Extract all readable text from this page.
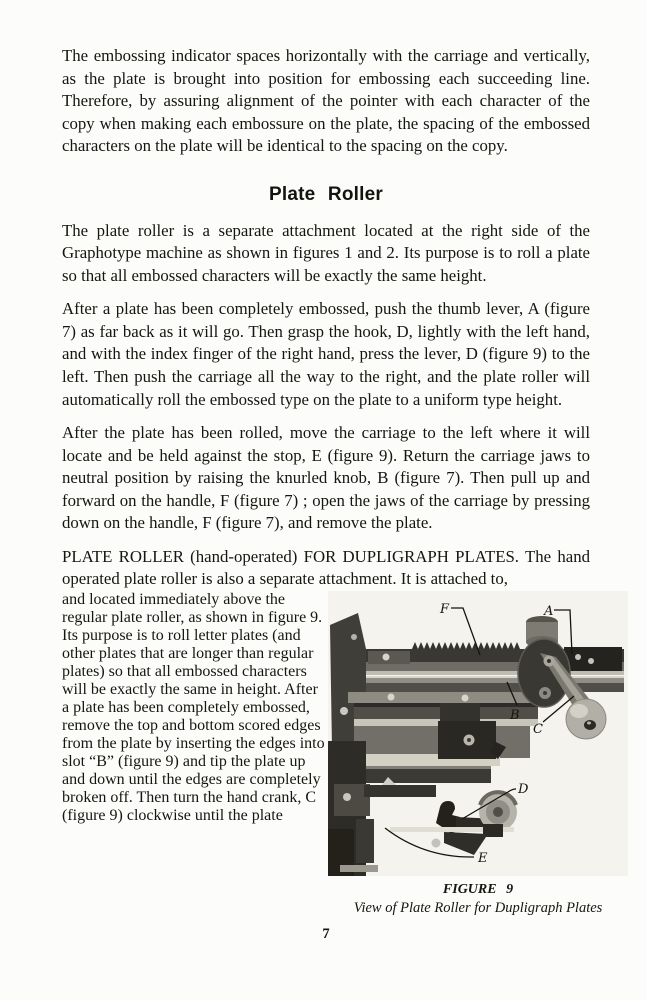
The embossing indicator spaces horizontally with the carriage and vertically, as the plate is brought into position for embossing each succeeding line. Therefore, by assuring alignment of the pointer with each character of the copy when making each embossure on the plate, the spacing of the embossed characters on the plate will be identical to the spacing on the copy.

Plate Roller

The plate roller is a separate attachment located at the right side of the Graphotype machine as shown in figures 1 and 2. Its purpose is to roll a plate so that all embossed characters will be exactly the same height.

After a plate has been completely embossed, push the thumb lever, A (figure 7) as far back as it will go. Then grasp the hook, D, lightly with the left hand, and with the index finger of the right hand, press the lever, D (figure 9) to the left. Then push the carriage all the way to the right, and the plate roller will automatically roll the embossed type on the plate to a uniform type height.

After the plate has been rolled, move the carriage to the left where it will locate and be held against the stop, E (figure 9). Return the carriage jaws to neutral position by raising the knurled knob, B (figure 7). Then pull up and forward on the handle, F (figure 7) ; open the jaws of the carriage by pressing down on the handle, F (figure 7), and remove the plate.

PLATE ROLLER (hand-operated) FOR DUPLIGRAPH PLATES. The hand operated plate roller is also a separate attachment. It is attached to,

F	A
B
C
D
E
FIGURE 9
View of Plate Roller for Dupligraph Plates
and located immediately above the regular plate roller, as shown in figure 9. Its purpose is to roll letter plates (and other plates that are longer than regular plates) so that all embossed characters will be exactly the same in height. After a plate has been completely embossed, remove the top and bottom scored edges from the plate by inserting the edges into slot “B” (figure 9) and tip the plate up and down until the edges are completely broken off. Then turn the hand crank, C (figure 9) clockwise until the plate
7
